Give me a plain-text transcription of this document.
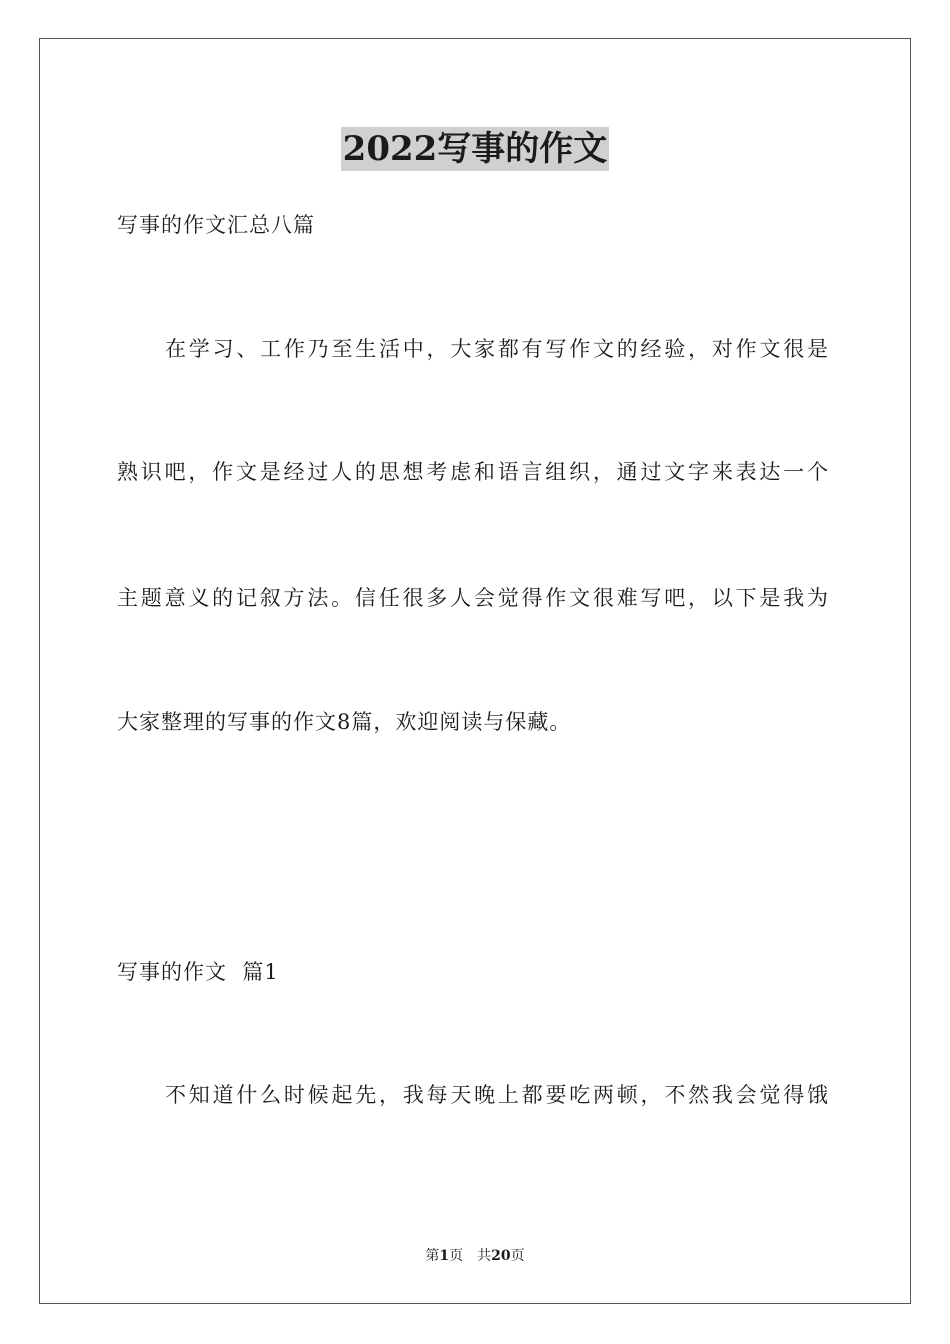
2022写事的作文

写事的作文汇总八篇

在学习、工作乃至生活中，大家都有写作文的经验，对作文很是

熟识吧，作文是经过人的思想考虑和语言组织，通过文字来表达一个

主题意义的记叙方法。信任很多人会觉得作文很难写吧，以下是我为

大家整理的写事的作文8篇，欢迎阅读与保藏。

写事的作文  篇1

不知道什么时候起先，我每天晚上都要吃两顿，不然我会觉得饿

第1页 共20页
